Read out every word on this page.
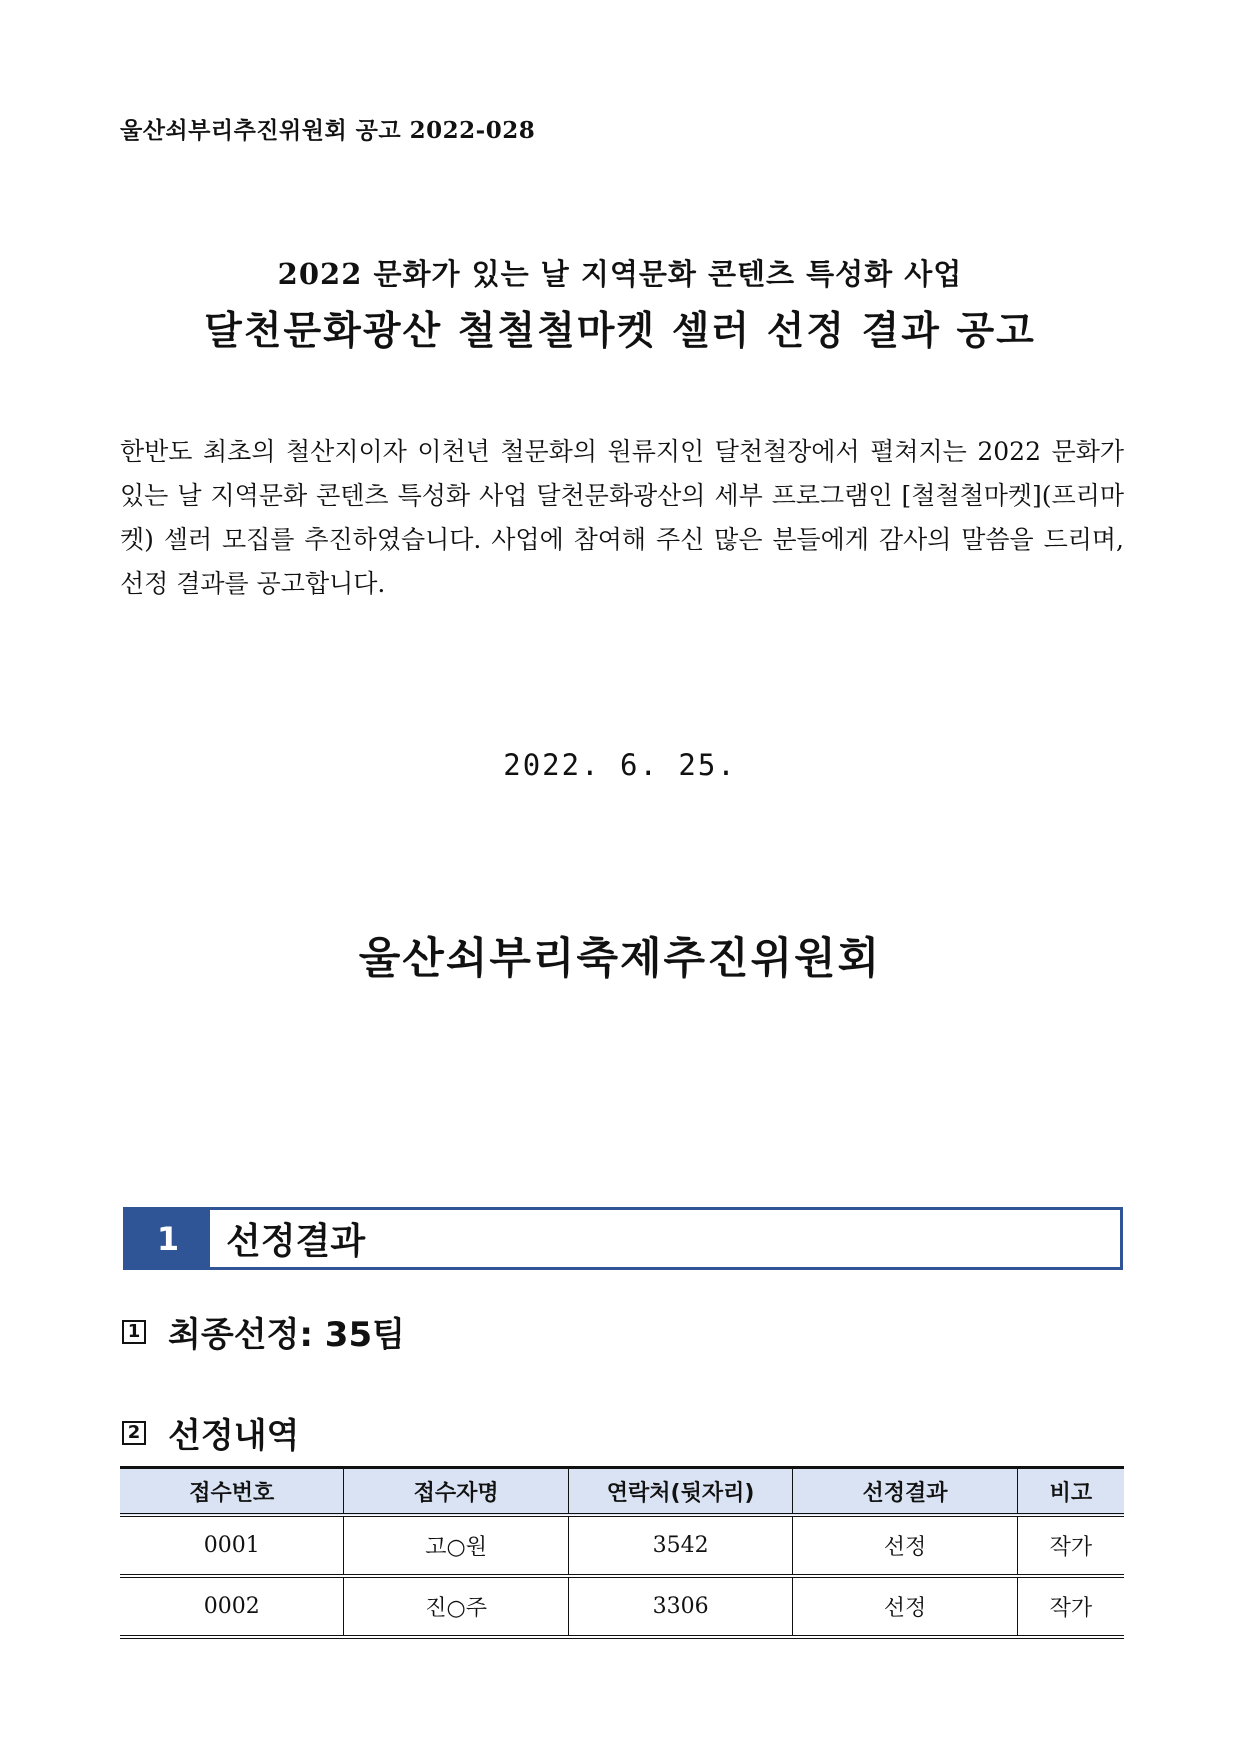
울산쇠부리추진위원회 공고 2022-028
2022 문화가 있는 날 지역문화 콘텐츠 특성화 사업
달천문화광산 철철철마켓 셀러 선정 결과 공고
한반도 최초의 철산지이자 이천년 철문화의 원류지인 달천철장에서 펼쳐지는 2022 문화가 있는 날 지역문화 콘텐츠 특성화 사업 달천문화광산의 세부 프로그램인 [철철철마켓](프리마켓) 셀러 모집를 추진하였습니다. 사업에 참여해 주신 많은 분들에게 감사의 말씀을 드리며, 선정 결과를 공고합니다.
2022. 6. 25.
울산쇠부리축제추진위원회
1	선정결과
1 최종선정: 35팀
2 선정내역
접수번호	접수자명	연락처(뒷자리)	선정결과	비고
0001	고○원	3542	선정	작가
0002	진○주	3306	선정	작가
